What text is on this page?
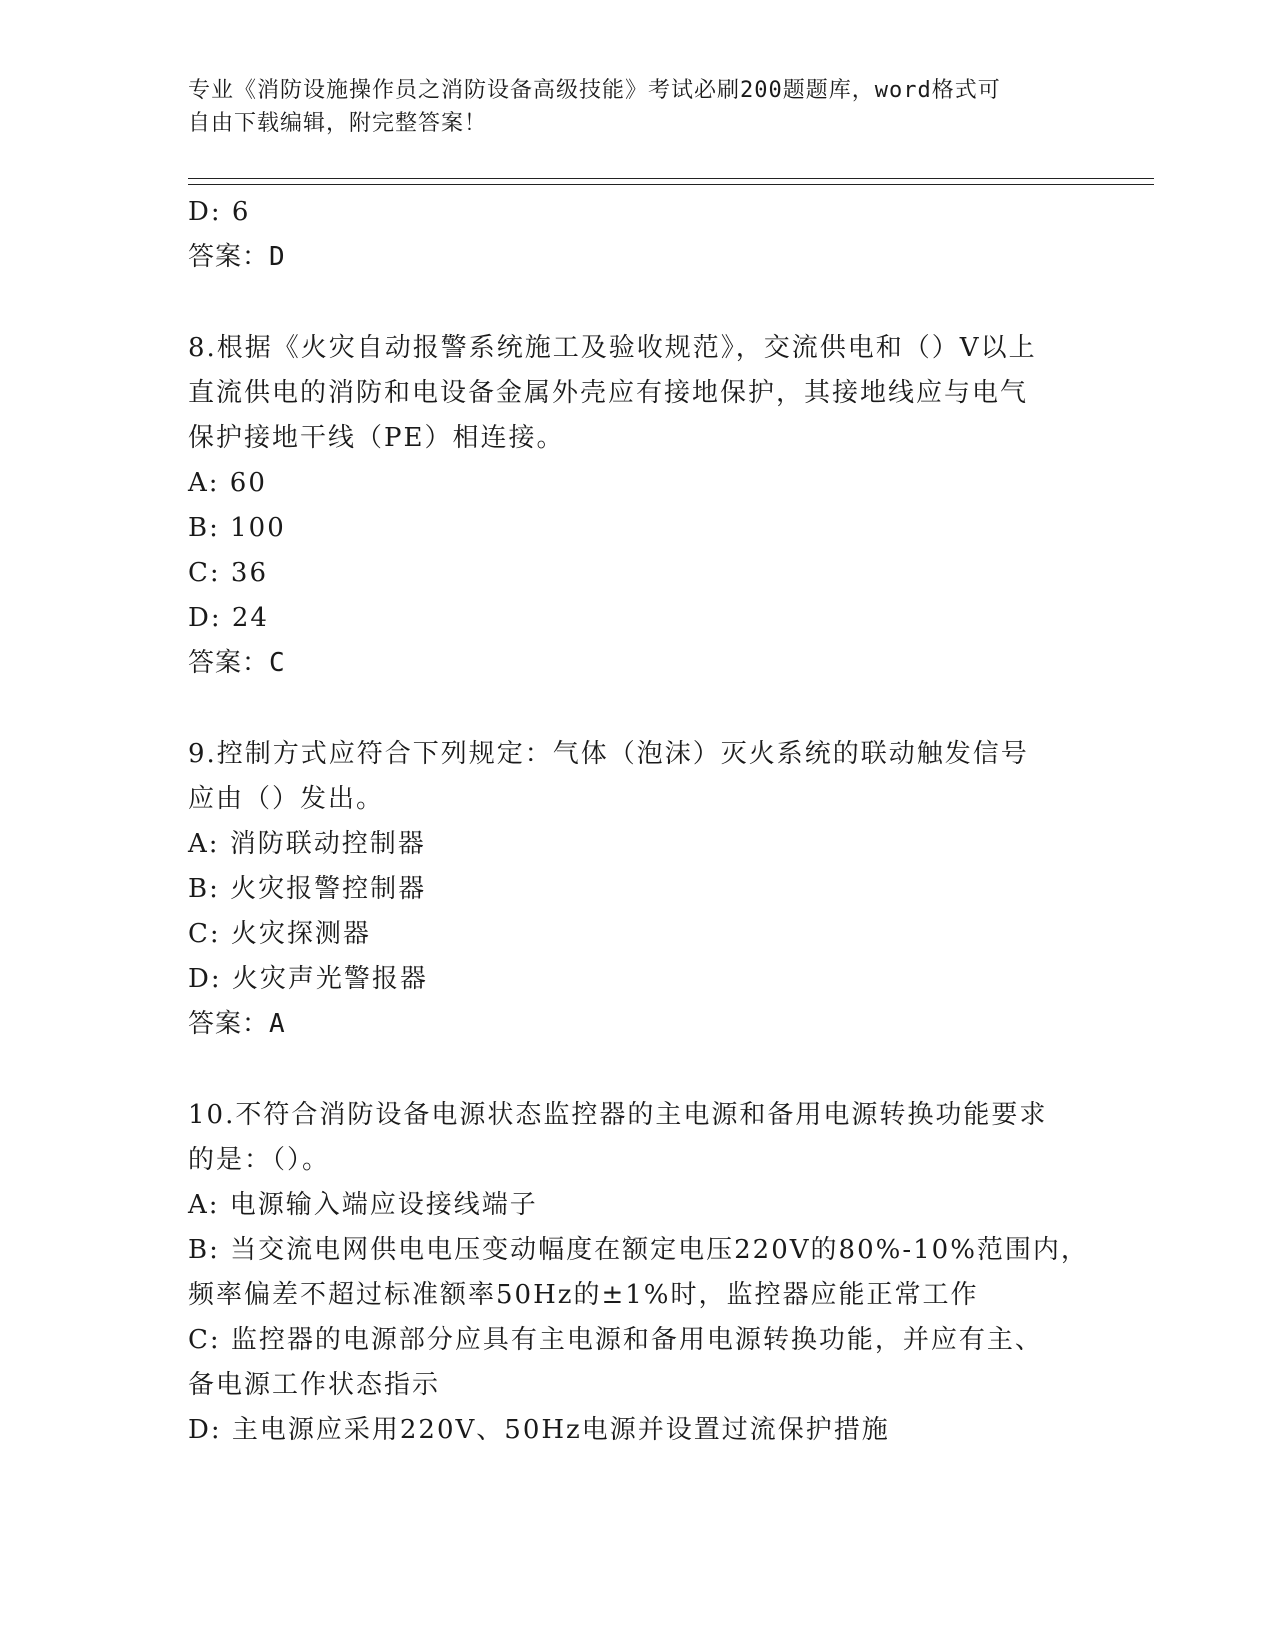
专业《消防设施操作员之消防设备高级技能》考试必刷200题题库，word格式可
自由下载编辑，附完整答案！
D: 6
答案：D
8.根据《火灾自动报警系统施工及验收规范》，交流供电和（）V以上
直流供电的消防和电设备金属外壳应有接地保护，其接地线应与电气
保护接地干线（PE）相连接。
A: 60
B: 100
C: 36
D: 24
答案：C
9.控制方式应符合下列规定：气体（泡沫）灭火系统的联动触发信号
应由（）发出。
A: 消防联动控制器
B: 火灾报警控制器
C: 火灾探测器
D: 火灾声光警报器
答案：A
10.不符合消防设备电源状态监控器的主电源和备用电源转换功能要求
的是：（）。
A: 电源输入端应设接线端子
B: 当交流电网供电电压变动幅度在额定电压220V的80%-10%范围内，
频率偏差不超过标准额率50Hz的±1%时，监控器应能正常工作
C: 监控器的电源部分应具有主电源和备用电源转换功能，并应有主、
备电源工作状态指示
D: 主电源应采用220V、50Hz电源并设置过流保护措施
